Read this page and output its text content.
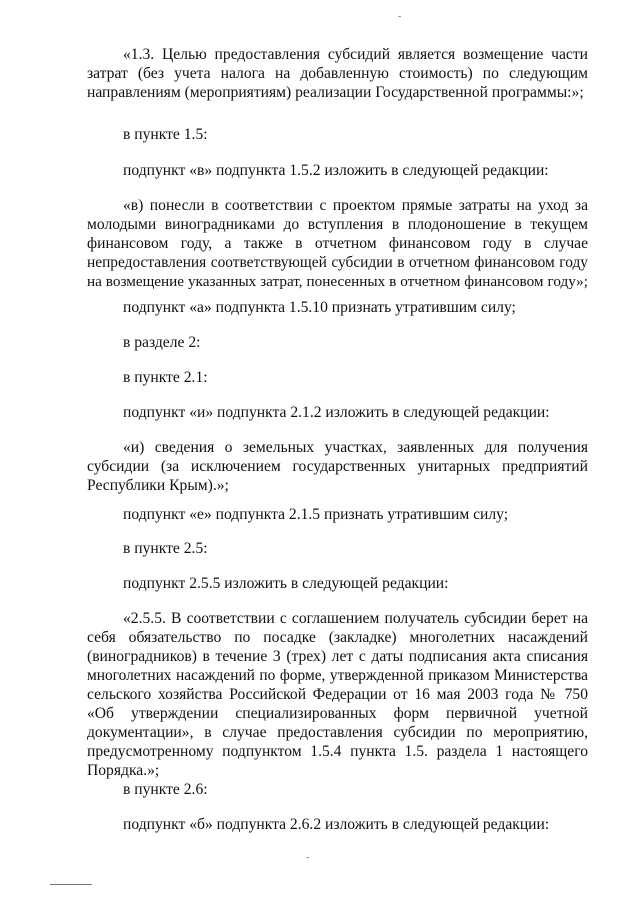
«1.3. Целью предоставления субсидий является возмещение части
затрат (без учета налога на добавленную стоимость) по следующим
направлениям (мероприятиям) реализации Государственной программы:»;
в пункте 1.5:
подпункт «в» подпункта 1.5.2 изложить в следующей редакции:
«в) понесли в соответствии с проектом прямые затраты на уход за
молодыми виноградниками до вступления в плодоношение в текущем
финансовом году, а также в отчетном финансовом году в случае
непредоставления соответствующей субсидии в отчетном финансовом году
на возмещение указанных затрат, понесенных в отчетном финансовом году»;
подпункт «а» подпункта 1.5.10 признать утратившим силу;
в разделе 2:
в пункте 2.1:
подпункт «и» подпункта 2.1.2 изложить в следующей редакции:
«и) сведения о земельных участках, заявленных для получения
субсидии (за исключением государственных унитарных предприятий
Республики Крым).»;
подпункт «е» подпункта 2.1.5 признать утратившим силу;
в пункте 2.5:
подпункт 2.5.5 изложить в следующей редакции:
«2.5.5. В соответствии с соглашением получатель субсидии берет на
себя обязательство по посадке (закладке) многолетних насаждений
(виноградников) в течение 3 (трех) лет с даты подписания акта списания
многолетних насаждений по форме, утвержденной приказом Министерства
сельского хозяйства Российской Федерации от 16 мая 2003 года № 750
«Об утверждении специализированных форм первичной учетной
документации», в случае предоставления субсидии по мероприятию,
предусмотренному подпунктом 1.5.4 пункта 1.5. раздела 1 настоящего
Порядка.»;
в пункте 2.6:
подпункт «б» подпункта 2.6.2 изложить в следующей редакции:
